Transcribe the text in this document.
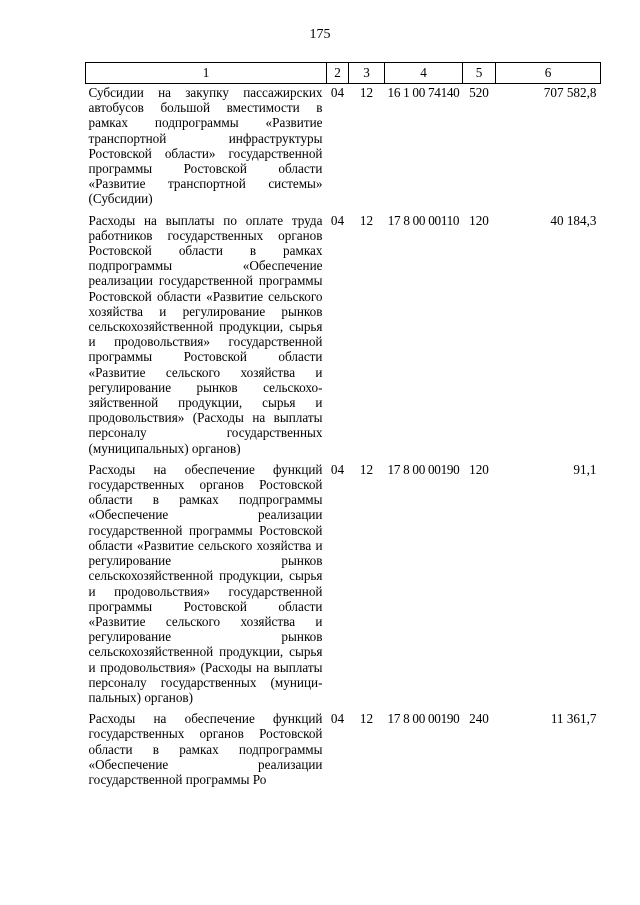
175
1	2	3	4	5	6
Субсидии на закупку пассажирских автобусов большой вместимости в рамках подпрограммы «Развитие транспортной инфраструктуры Ростовской области» государственной программы Ростовской области «Развитие транспортной системы» (Субсидии)	04	12	16 1 00 74140	520	707 582,8
Расходы на выплаты по оплате труда работников государственных органов Ростовской области в рамках подпрограммы «Обеспечение реализации государственной программы Ростовской области «Развитие сельского хозяйства и регулирование рынков сельскохозяйственной продукции, сырья и продовольствия» государственной программы Ростовской области «Развитие сельского хозяйства и регулирование рынков сельскохозяйственной продукции, сырья и продовольствия» (Расходы на выплаты персоналу государственных (муниципальных) органов)	04	12	17 8 00 00110	120	40 184,3
Расходы на обеспечение функций государственных органов Ростовской области в рамках подпрограммы «Обеспечение реализации государственной программы Ростовской области «Развитие сельского хозяйства и регулирование рынков сельскохозяйственной продукции, сырья и продовольствия» государственной программы Ростовской области «Развитие сельского хозяйства и регулирование рынков сельскохозяйственной продукции, сырья и продовольствия» (Расходы на выплаты персоналу государственных (муниципальных) органов)	04	12	17 8 00 00190	120	91,1
Расходы на обеспечение функций государственных органов Ростовской области в рамках подпрограммы «Обеспечение реализации государственной программы Ро	04	12	17 8 00 00190	240	11 361,7
